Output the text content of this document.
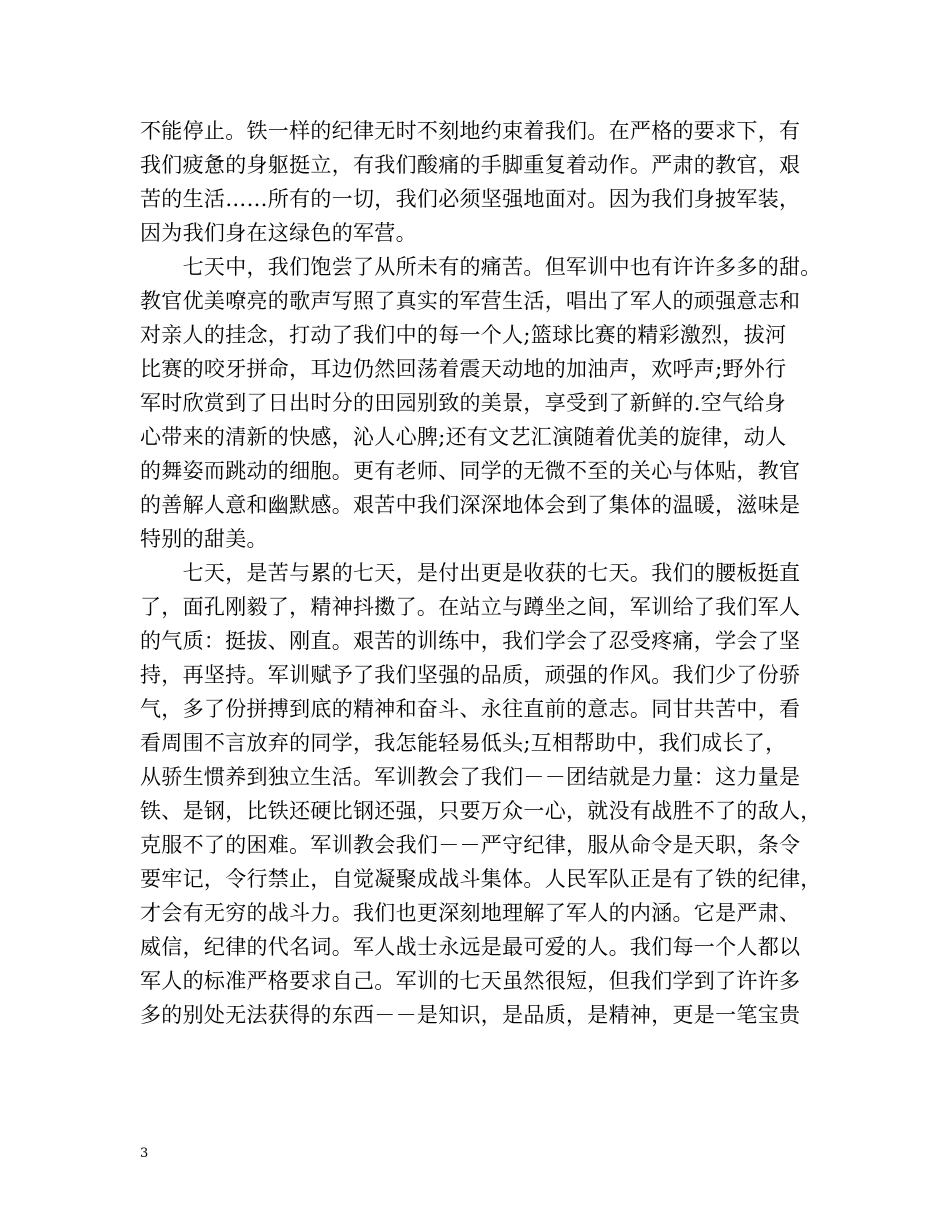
不能停止。铁一样的纪律无时不刻地约束着我们。在严格的要求下，有
我们疲惫的身躯挺立，有我们酸痛的手脚重复着动作。严肃的教官，艰
苦的生活……所有的一切，我们必须坚强地面对。因为我们身披军装，
因为我们身在这绿色的军营。
　　七天中，我们饱尝了从所未有的痛苦。但军训中也有许许多多的甜。
教官优美嘹亮的歌声写照了真实的军营生活，唱出了军人的顽强意志和
对亲人的挂念，打动了我们中的每一个人;篮球比赛的精彩激烈，拔河
比赛的咬牙拼命，耳边仍然回荡着震天动地的加油声，欢呼声;野外行
军时欣赏到了日出时分的田园别致的美景，享受到了新鲜的.空气给身
心带来的清新的快感，沁人心脾;还有文艺汇演随着优美的旋律，动人
的舞姿而跳动的细胞。更有老师、同学的无微不至的关心与体贴，教官
的善解人意和幽默感。艰苦中我们深深地体会到了集体的温暖，滋味是
特别的甜美。
　　七天，是苦与累的七天，是付出更是收获的七天。我们的腰板挺直
了，面孔刚毅了，精神抖擞了。在站立与蹲坐之间，军训给了我们军人
的气质：挺拔、刚直。艰苦的训练中，我们学会了忍受疼痛，学会了坚
持，再坚持。军训赋予了我们坚强的品质，顽强的作风。我们少了份骄
气，多了份拼搏到底的精神和奋斗、永往直前的意志。同甘共苦中，看
看周围不言放弃的同学，我怎能轻易低头;互相帮助中，我们成长了，
从骄生惯养到独立生活。军训教会了我们－－团结就是力量：这力量是
铁、是钢，比铁还硬比钢还强，只要万众一心，就没有战胜不了的敌人，
克服不了的困难。军训教会我们－－严守纪律，服从命令是天职，条令
要牢记，令行禁止，自觉凝聚成战斗集体。人民军队正是有了铁的纪律，
才会有无穷的战斗力。我们也更深刻地理解了军人的内涵。它是严肃、
威信，纪律的代名词。军人战士永远是最可爱的人。我们每一个人都以
军人的标准严格要求自己。军训的七天虽然很短，但我们学到了许许多
多的别处无法获得的东西－－是知识，是品质，是精神，更是一笔宝贵
3
